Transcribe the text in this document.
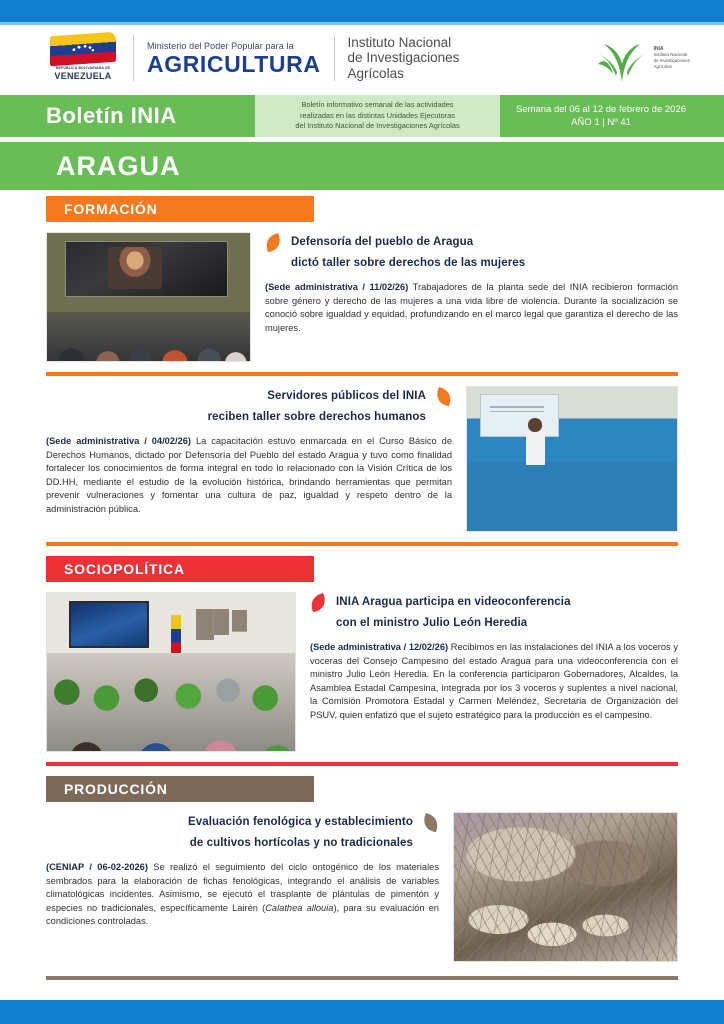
REPÚBLICA BOLIVARIANA DE
VENEZUELA
Ministerio del Poder Popular para la
AGRICULTURA
Instituto Nacional
de Investigaciones
Agrícolas
INIA
Instituto Nacional
de Investigaciones
Agrícolas
Boletín INIA	Boletín informativo semanal de las actividades
realizadas en las distintas Unidades Ejecutoras
del Instituto Nacional de Investigaciones Agrícolas
Semana del 06 al 12 de febrero de 2026
AÑO 1 | Nº 41
ARAGUA
FORMACIÓN
Defensoría del pueblo de Aragua
dictó taller sobre derechos de las mujeres

(Sede administrativa / 11/02/26) Trabajadores de la planta sede del INIA recibieron formación sobre género y derecho de las mujeres a una vida libre de violencia. Durante la socialización se conoció sobre igualdad y equidad, profundizando en el marco legal que garantiza el derecho de las mujeres.

Servidores públicos del INIA
reciben taller sobre derechos humanos

(Sede administrativa / 04/02/26) La capacitación estuvo enmarcada en el Curso Básico de Derechos Humanos, dictado por Defensoría del Pueblo del estado Aragua y tuvo como finalidad fortalecer los conocimientos de forma integral en todo lo relacionado con la Visión Crítica de los DD.HH, mediante el estudio de la evolución histórica, brindando herramientas que permitan prevenir vulneraciones y fomentar una cultura de paz, igualdad y respeto dentro de la administración pública.

SOCIOPOLÍTICA
INIA Aragua participa en videoconferencia
con el ministro Julio León Heredia

(Sede administrativa / 12/02/26) Recibimos en las instalaciones del INIA a los voceros y voceras del Consejo Campesino del estado Aragua para una videoconferencia con el ministro Julio León Heredia. En la conferencia participaron Gobernadores, Alcaldes, la Asamblea Estadal Campesina, integrada por los 3 voceros y suplentes a nivel nacional, la Comisión Promotora Estadal y Carmen Meléndez, Secretaria de Organización del PSUV, quien enfatizó que el sujeto estratégico para la producción es el campesino.

PRODUCCIÓN
Evaluación fenológica y establecimiento
de cultivos hortícolas y no tradicionales

(CENIAP / 06-02-2026) Se realizó el seguimiento del ciclo ontogénico de los materiales sembrados para la elaboración de fichas fenológicas, integrando el análisis de variables climatológicas incidentes. Asimismo, se ejecutó el trasplante de plántulas de pimentón y especies no tradicionales, específicamente Lairén (Calathea allouia), para su evaluación en condiciones controladas.
